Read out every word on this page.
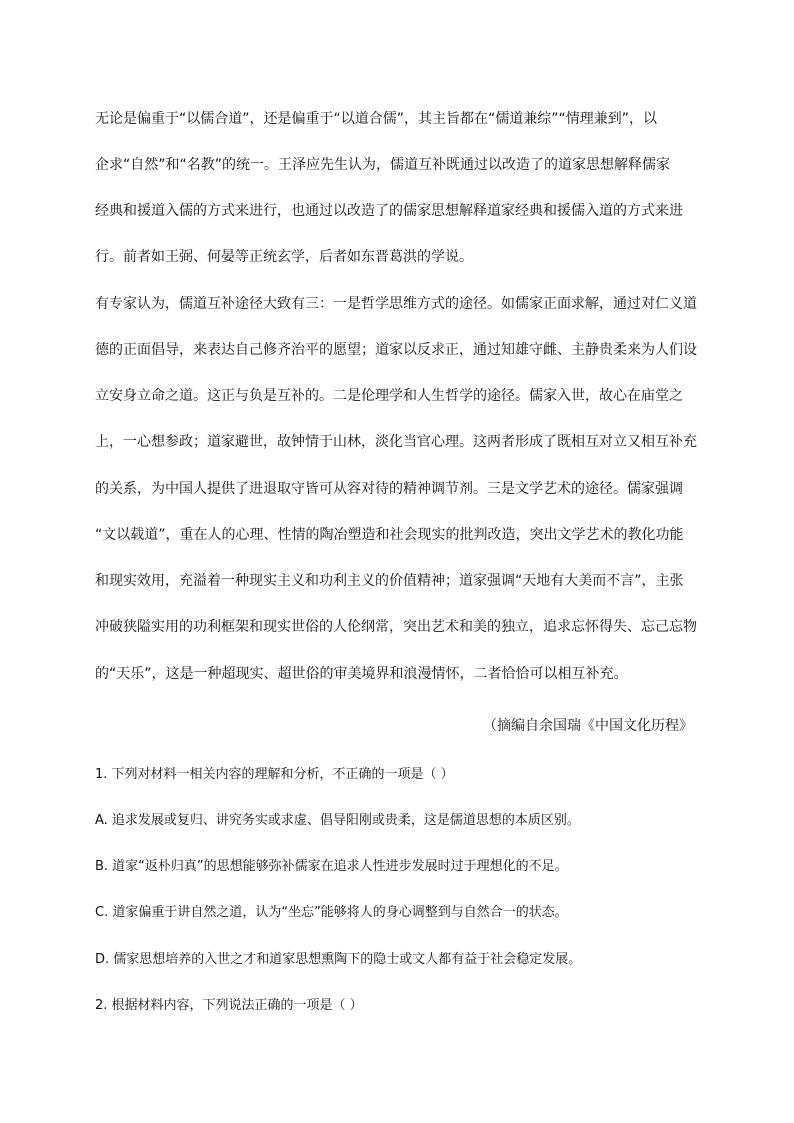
无论是偏重于“以儒合道”，还是偏重于“以道合儒”，其主旨都在“儒道兼综”“情理兼到”，以

企求“自然”和“名教”的统一。王泽应先生认为，儒道互补既通过以改造了的道家思想解释儒家

经典和援道入儒的方式来进行，也通过以改造了的儒家思想解释道家经典和援儒入道的方式来进

行。前者如王弼、何晏等正统玄学，后者如东晋葛洪的学说。

有专家认为，儒道互补途径大致有三：一是哲学思维方式的途径。如儒家正面求解，通过对仁义道

德的正面倡导，来表达自己修齐治平的愿望；道家以反求正，通过知雄守雌、主静贵柔来为人们设

立安身立命之道。这正与负是互补的。二是伦理学和人生哲学的途径。儒家入世，故心在庙堂之

上，一心想参政；道家避世，故钟情于山林，淡化当官心理。这两者形成了既相互对立又相互补充

的关系，为中国人提供了进退取守皆可从容对待的精神调节剂。三是文学艺术的途径。儒家强调

“文以载道”，重在人的心理、性情的陶冶塑造和社会现实的批判改造，突出文学艺术的教化功能

和现实效用，充溢着一种现实主义和功利主义的价值精神；道家强调“天地有大美而不言”，主张

冲破狭隘实用的功利框架和现实世俗的人伦纲常，突出艺术和美的独立，追求忘怀得失、忘己忘物

的“天乐”，这是一种超现实、超世俗的审美境界和浪漫情怀，二者恰恰可以相互补充。

（摘编自余国瑞《中国文化历程》
1. 下列对材料一相关内容的理解和分析，不正确的一项是（ ）
A. 追求发展或复归、讲究务实或求虚、倡导阳刚或贵柔，这是儒道思想的本质区别。
B. 道家“返朴归真”的思想能够弥补儒家在追求人性进步发展时过于理想化的不足。
C. 道家偏重于讲自然之道，认为“坐忘”能够将人的身心调整到与自然合一的状态。
D. 儒家思想培养的入世之才和道家思想熏陶下的隐士或文人都有益于社会稳定发展。
2. 根据材料内容，下列说法正确的一项是（ ）
